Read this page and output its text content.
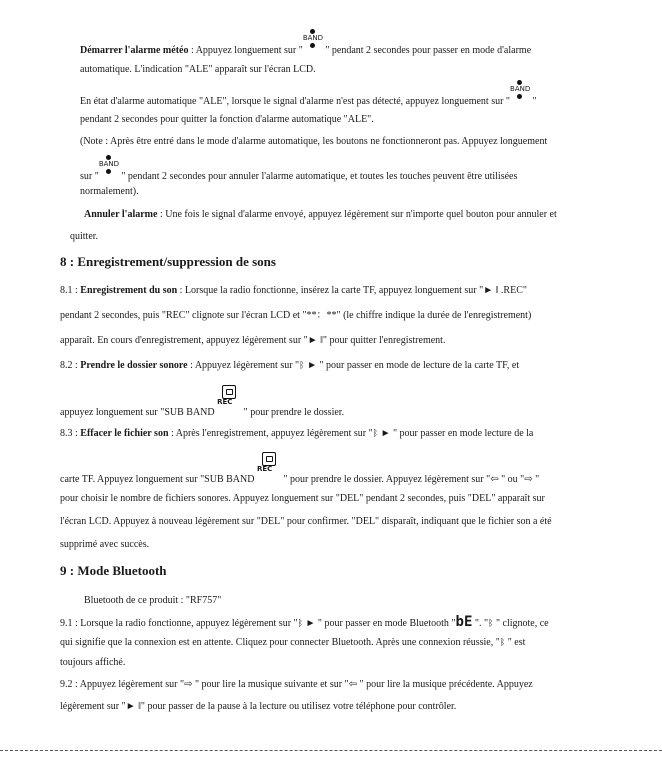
Démarrer l'alarme météo : Appuyez longuement sur "
BAND
" pendant 2 secondes pour passer en mode d'alarme
automatique. L'indication "ALE" apparaît sur l'écran LCD.
En état d'alarme automatique "ALE", lorsque le signal d'alarme n'est pas détecté, appuyez longuement sur "
BAND
"
pendant 2 secondes pour quitter la fonction d'alarme automatique "ALE".
(Note : Après être entré dans le mode d'alarme automatique, les boutons ne fonctionneront pas. Appuyez longuement
sur "
BAND
" pendant 2 secondes pour annuler l'alarme automatique, et toutes les touches peuvent être utilisées
normalement).
Annuler l'alarme : Une fois le signal d'alarme envoyé, appuyez légèrement sur n'importe quel bouton pour annuler et
quitter.
8 : Enregistrement/suppression de sons
8.1 : Enregistrement du son : Lorsque la radio fonctionne, insérez la carte TF, appuyez longuement sur "► ‖ .REC"
pendant 2 secondes, puis "REC" clignote sur l'écran LCD et "**：**" (le chiffre indique la durée de l'enregistrement)
apparaît. En cours d'enregistrement, appuyez légèrement sur "► ‖" pour quitter l'enregistrement.
8.2 : Prendre le dossier sonore : Appuyez légèrement sur "ᛒ ► " pour passer en mode de lecture de la carte TF, et
appuyez longuement sur "SUB BAND
REC
" pour prendre le dossier.
8.3 : Effacer le fichier son : Après l'enregistrement, appuyez légèrement sur "ᛒ ► " pour passer en mode lecture de la
carte TF. Appuyez longuement sur "SUB BAND
REC
" pour prendre le dossier. Appuyez légèrement sur "⇦ " ou "⇨ "
pour choisir le nombre de fichiers sonores. Appuyez longuement sur "DEL" pendant 2 secondes, puis "DEL" apparaît sur
l'écran LCD. Appuyez à nouveau légèrement sur "DEL" pour confirmer. "DEL" disparaît, indiquant que le fichier son a été
supprimé avec succès.
9 : Mode Bluetooth
Bluetooth de ce produit : "RF757"
9.1 : Lorsque la radio fonctionne, appuyez légèrement sur "ᛒ ► " pour passer en mode Bluetooth "bE ". "ᛒ " clignote, ce
qui signifie que la connexion est en attente. Cliquez pour connecter Bluetooth. Après une connexion réussie, "ᛒ " est
toujours affiché.
9.2 : Appuyez légèrement sur "⇨ " pour lire la musique suivante et sur "⇦ " pour lire la musique précédente. Appuyez
légèrement sur "► ‖" pour passer de la pause à la lecture ou utilisez votre téléphone pour contrôler.
